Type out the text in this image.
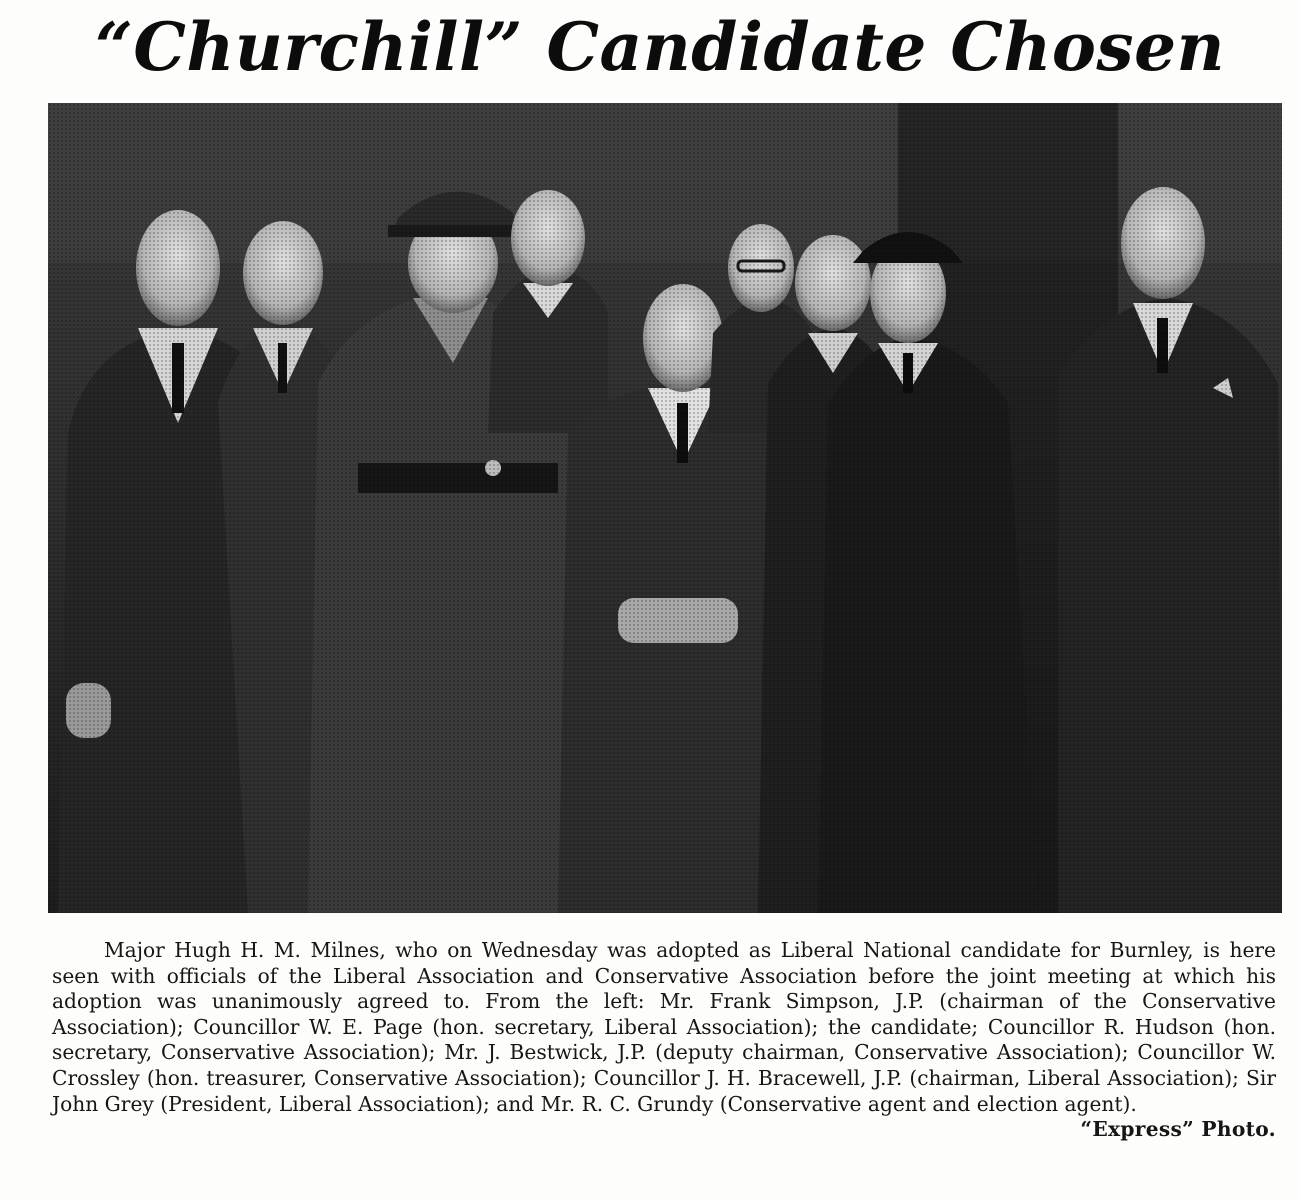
“Churchill” Candidate Chosen

Major Hugh H. M. Milnes, who on Wednesday was adopted as Liberal National candidate for Burnley, is here seen with officials of the Liberal Association and Conservative Association before the joint meeting at which his adoption was unanimously agreed to. From the left: Mr. Frank Simpson, J.P. (chairman of the Conservative Association); Councillor W. E. Page (hon. secretary, Liberal Association); the candidate; Councillor R. Hudson (hon. secretary, Conservative Association); Mr. J. Bestwick, J.P. (deputy chairman, Conservative Association); Councillor W. Crossley (hon. treasurer, Conservative Association); Councillor J. H. Bracewell, J.P. (chairman, Liberal Association); Sir John Grey (President, Liberal Association); and Mr. R. C. Grundy (Conservative agent and election agent).
“Express” Photo.
